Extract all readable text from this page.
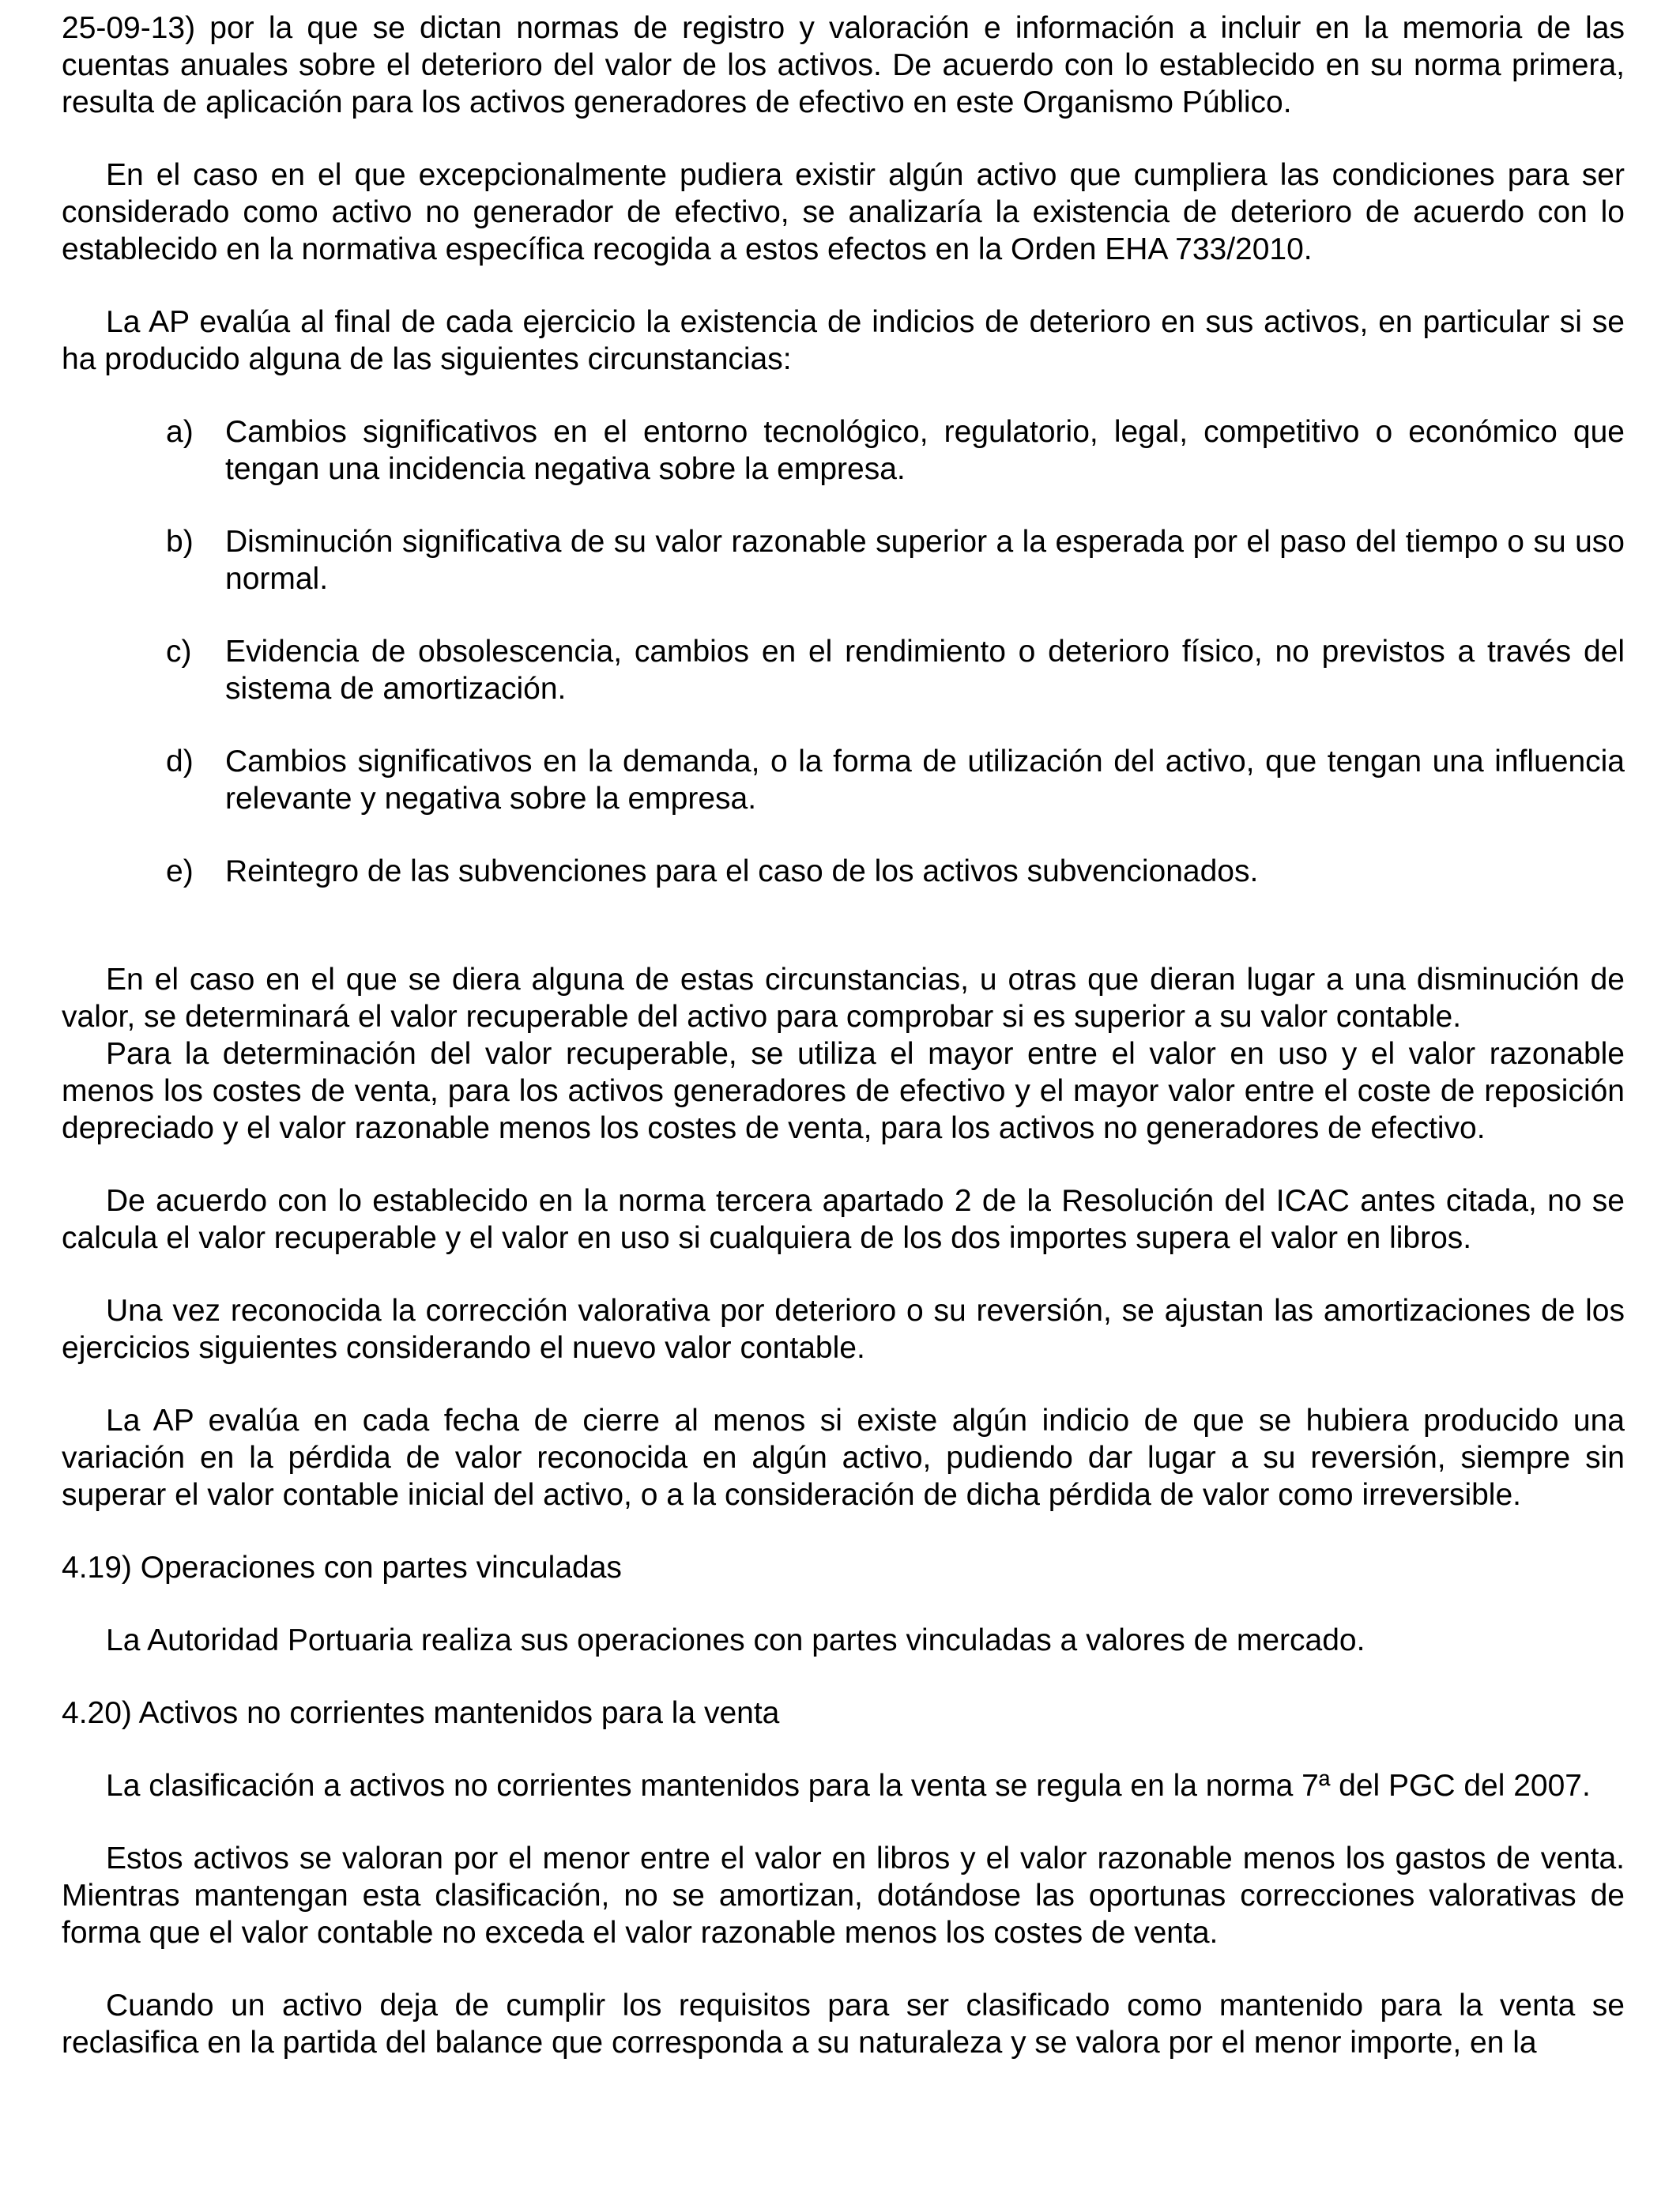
25-09-13) por la que se dictan normas de registro y valoración e información a incluir en la memoria de las cuentas anuales sobre el deterioro del valor de los activos. De acuerdo con lo establecido en su norma primera, resulta de aplicación para los activos generadores de efectivo en este Organismo Público.

En el caso en el que excepcionalmente pudiera existir algún activo que cumpliera las condiciones para ser considerado como activo no generador de efectivo, se analizaría la existencia de deterioro de acuerdo con lo establecido en la normativa específica recogida a estos efectos en la Orden EHA 733/2010.

La AP evalúa al final de cada ejercicio la existencia de indicios de deterioro en sus activos, en particular si se ha producido alguna de las siguientes circunstancias:

a) Cambios significativos en el entorno tecnológico, regulatorio, legal, competitivo o económico que tengan una incidencia negativa sobre la empresa.
b) Disminución significativa de su valor razonable superior a la esperada por el paso del tiempo o su uso normal.
c) Evidencia de obsolescencia, cambios en el rendimiento o deterioro físico, no previstos a través del sistema de amortización.
d) Cambios significativos en la demanda, o la forma de utilización del activo, que tengan una influencia relevante y negativa sobre la empresa.
e) Reintegro de las subvenciones para el caso de los activos subvencionados.

En el caso en el que se diera alguna de estas circunstancias, u otras que dieran lugar a una disminución de valor, se determinará el valor recuperable del activo para comprobar si es superior a su valor contable.

Para la determinación del valor recuperable, se utiliza el mayor entre el valor en uso y el valor razonable menos los costes de venta, para los activos generadores de efectivo y el mayor valor entre el coste de reposición depreciado y el valor razonable menos los costes de venta, para los activos no generadores de efectivo.

De acuerdo con lo establecido en la norma tercera apartado 2 de la Resolución del ICAC antes citada, no se calcula el valor recuperable y el valor en uso si cualquiera de los dos importes supera el valor en libros.

Una vez reconocida la corrección valorativa por deterioro o su reversión, se ajustan las amortizaciones de los ejercicios siguientes considerando el nuevo valor contable.

La AP evalúa en cada fecha de cierre al menos si existe algún indicio de que se hubiera producido una variación en la pérdida de valor reconocida en algún activo, pudiendo dar lugar a su reversión, siempre sin superar el valor contable inicial del activo, o a la consideración de dicha pérdida de valor como irreversible.

4.19) Operaciones con partes vinculadas

La Autoridad Portuaria realiza sus operaciones con partes vinculadas a valores de mercado.

4.20) Activos no corrientes mantenidos para la venta

La clasificación a activos no corrientes mantenidos para la venta se regula en la norma 7ª del PGC del 2007.

Estos activos se valoran por el menor entre el valor en libros y el valor razonable menos los gastos de venta. Mientras mantengan esta clasificación, no se amortizan, dotándose las oportunas correcciones valorativas de forma que el valor contable no exceda el valor razonable menos los costes de venta.

Cuando un activo deja de cumplir los requisitos para ser clasificado como mantenido para la venta se reclasifica en la partida del balance que corresponda a su naturaleza y se valora por el menor importe, en la
